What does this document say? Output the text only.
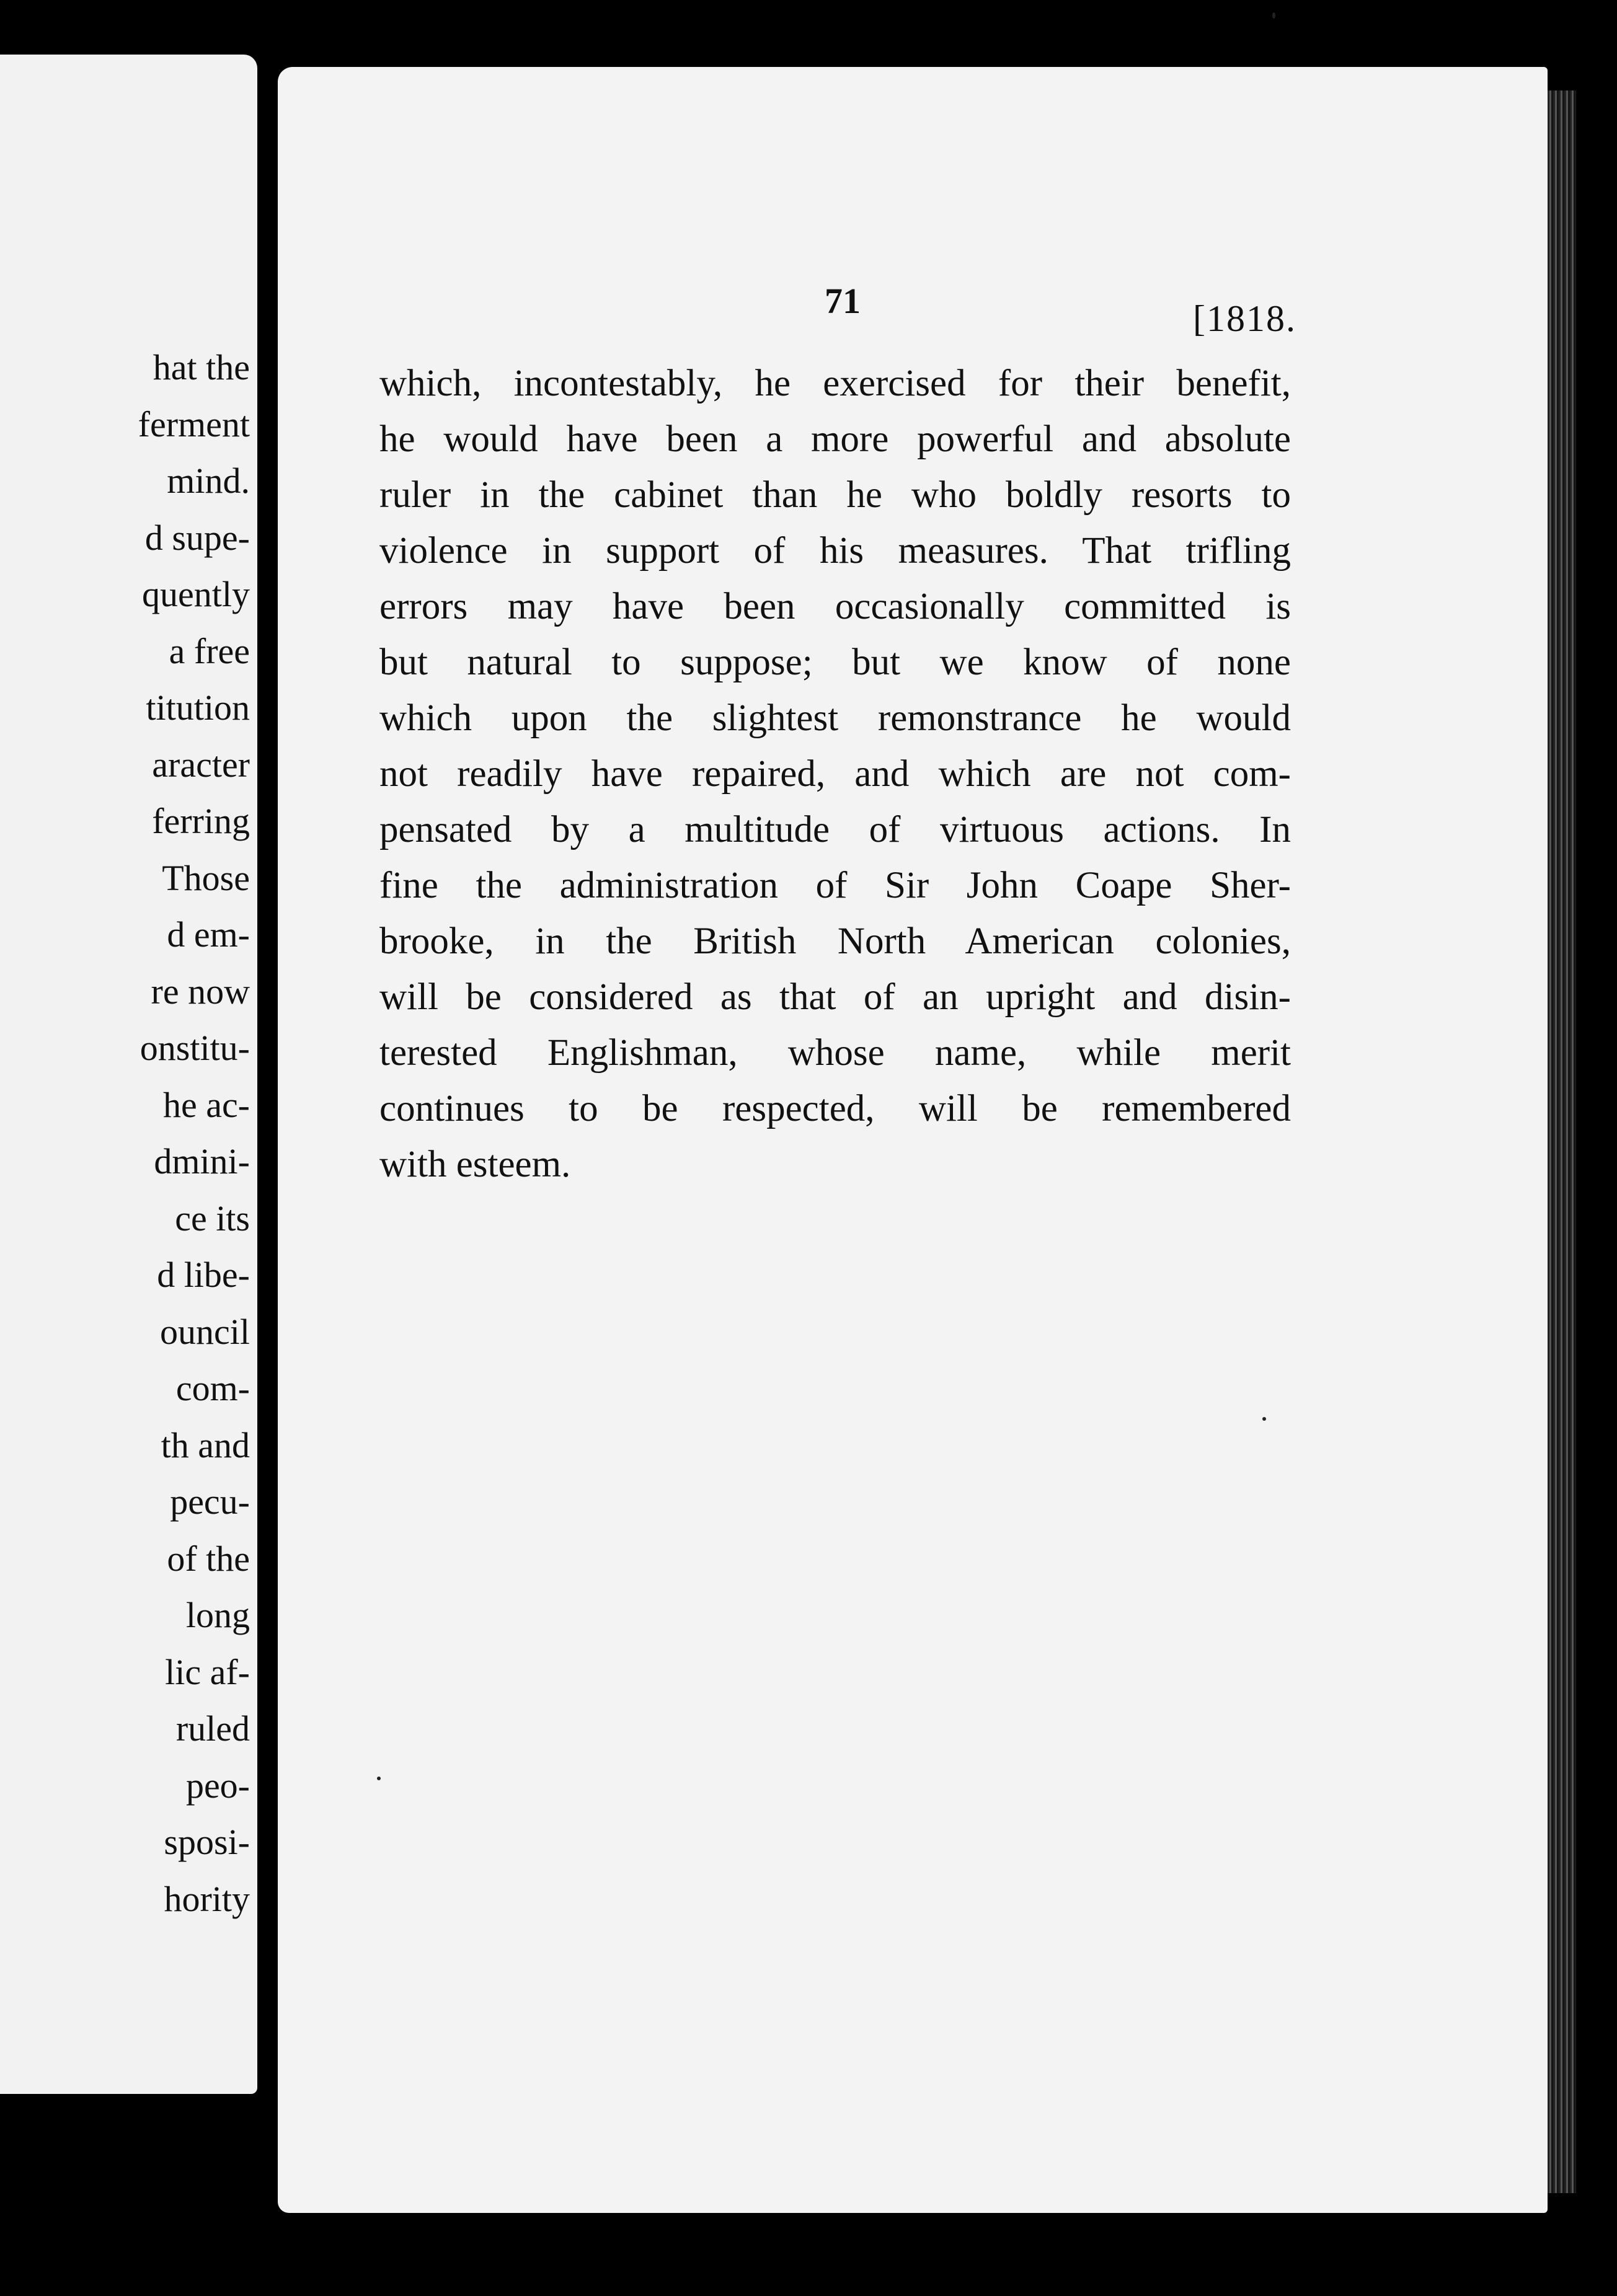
hat the

ferment

mind.

d supe-

quently

a free

titution

aracter

ferring

Those

d em-

re now

onstitu-

he ac-

dmini-

ce its

d libe-

ouncil

com-

th and

pecu-

of the

long

lic af-

ruled

peo-

sposi-

hority

71	[1818.

which, incontestably, he exercised for their benefit,
he would have been a more powerful and absolute
ruler in the cabinet than he who boldly resorts to
violence in support of his measures. That trifling
errors may have been occasionally committed is
but natural to suppose; but we know of none
which upon the slightest remonstrance he would
not readily have repaired, and which are not com-
pensated by a multitude of virtuous actions. In
fine the administration of Sir John Coape Sher-
brooke, in the British North American colonies,
will be considered as that of an upright and disin-
terested Englishman, whose name, while merit
continues to be respected, will be remembered
with esteem.
